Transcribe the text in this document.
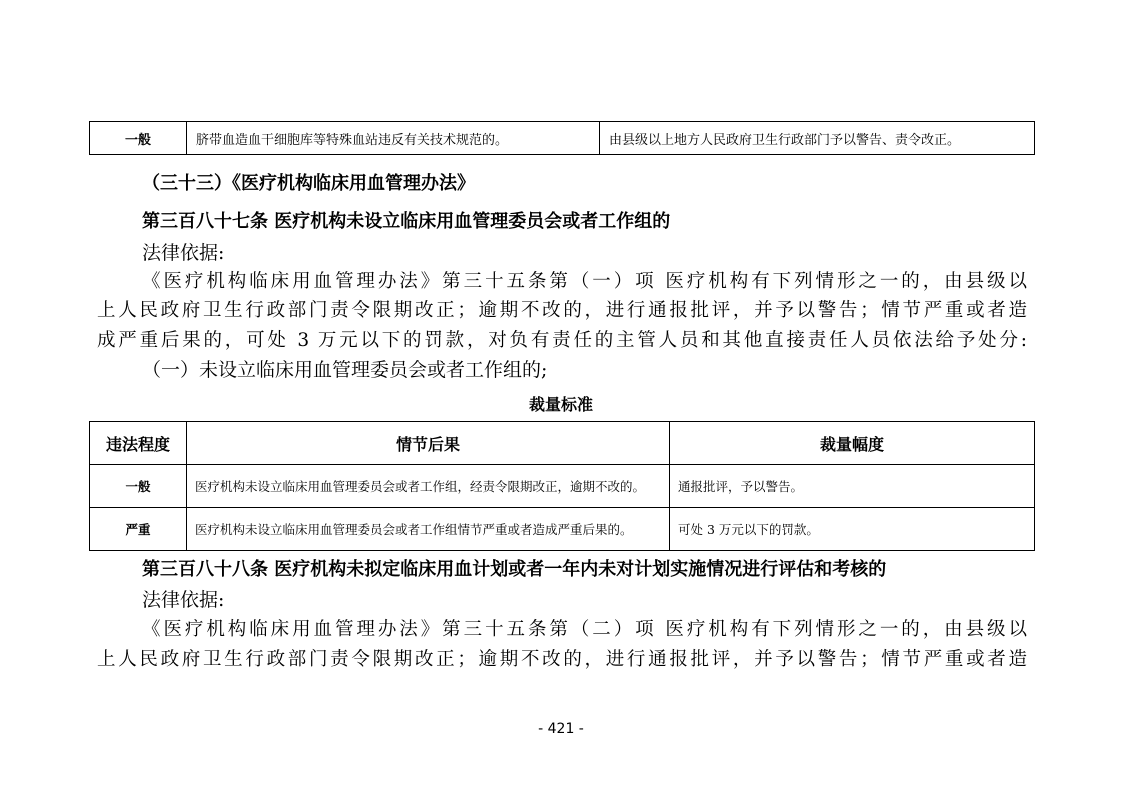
一般	脐带血造血干细胞库等特殊血站违反有关技术规范的。	由县级以上地方人民政府卫生行政部门予以警告、责令改正。
（三十三）《医疗机构临床用血管理办法》
第三百八十七条 医疗机构未设立临床用血管理委员会或者工作组的
法律依据:
《医疗机构临床用血管理办法》第三十五条第（一）项 医疗机构有下列情形之一的，由县级以
上人民政府卫生行政部门责令限期改正；逾期不改的，进行通报批评，并予以警告；情节严重或者造
成严重后果的，可处 3 万元以下的罚款，对负有责任的主管人员和其他直接责任人员依法给予处分:
（一）未设立临床用血管理委员会或者工作组的;
裁量标准
违法程度	情节后果	裁量幅度
一般	医疗机构未设立临床用血管理委员会或者工作组，经责令限期改正，逾期不改的。	通报批评，予以警告。
严重	医疗机构未设立临床用血管理委员会或者工作组情节严重或者造成严重后果的。	可处 3 万元以下的罚款。
第三百八十八条 医疗机构未拟定临床用血计划或者一年内未对计划实施情况进行评估和考核的
法律依据:
《医疗机构临床用血管理办法》第三十五条第（二）项 医疗机构有下列情形之一的，由县级以
上人民政府卫生行政部门责令限期改正；逾期不改的，进行通报批评，并予以警告；情节严重或者造
- 421 -
